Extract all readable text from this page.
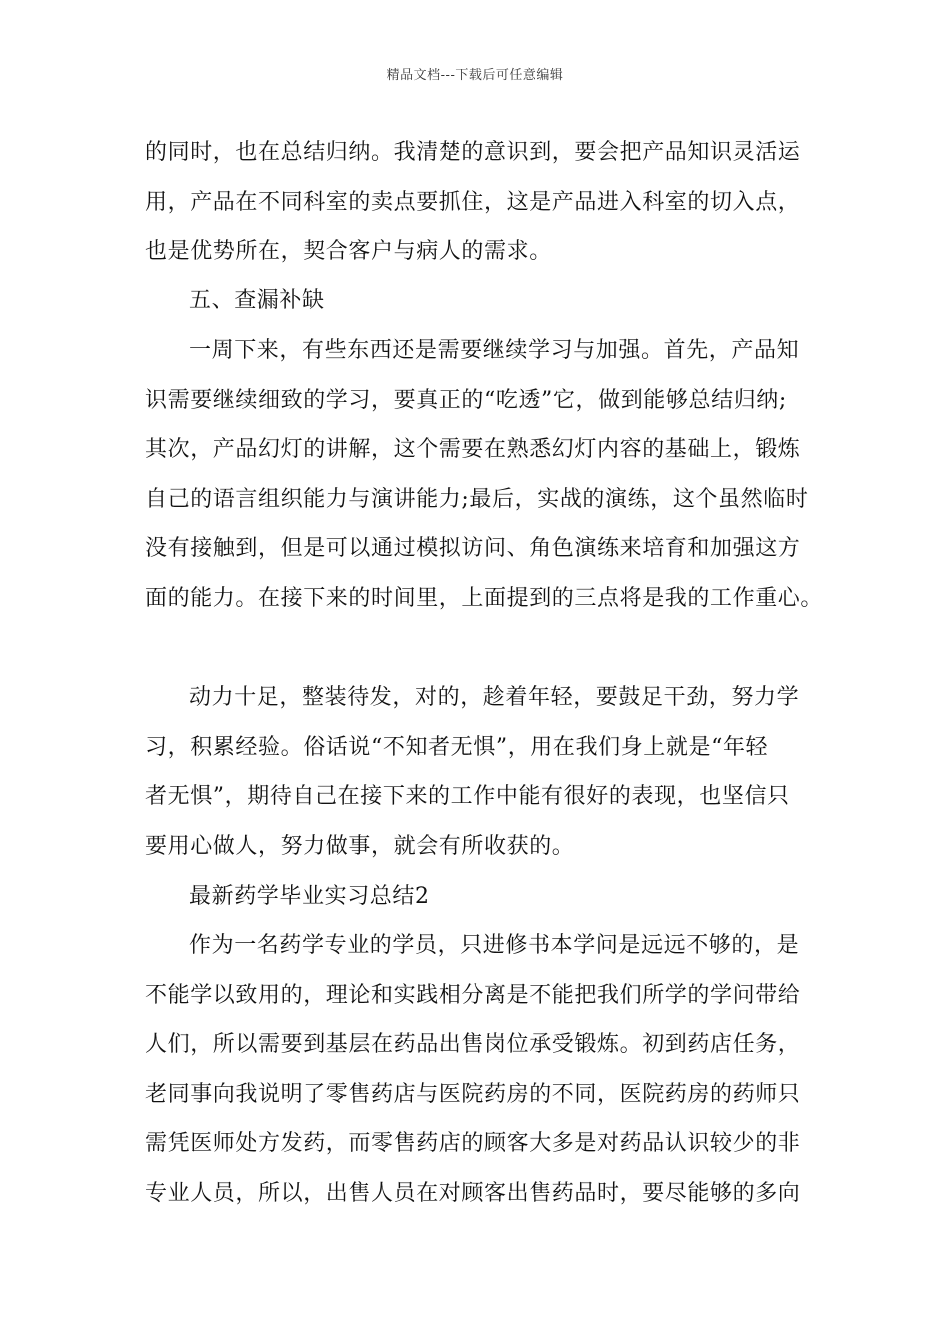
精品文档---下载后可任意编辑
的同时，也在总结归纳。我清楚的意识到，要会把产品知识灵活运
用，产品在不同科室的卖点要抓住，这是产品进入科室的切入点，
也是优势所在，契合客户与病人的需求。
五、查漏补缺
一周下来，有些东西还是需要继续学习与加强。首先，产品知
识需要继续细致的学习，要真正的“吃透”它，做到能够总结归纳;
其次，产品幻灯的讲解，这个需要在熟悉幻灯内容的基础上，锻炼
自己的语言组织能力与演讲能力;最后，实战的演练，这个虽然临时
没有接触到，但是可以通过模拟访问、角色演练来培育和加强这方
面的能力。在接下来的时间里，上面提到的三点将是我的工作重心。
动力十足，整装待发，对的，趁着年轻，要鼓足干劲，努力学
习，积累经验。俗话说“不知者无惧”，用在我们身上就是“年轻
者无惧”，期待自己在接下来的工作中能有很好的表现，也坚信只
要用心做人，努力做事，就会有所收获的。
最新药学毕业实习总结2
作为一名药学专业的学员，只进修书本学问是远远不够的，是
不能学以致用的，理论和实践相分离是不能把我们所学的学问带给
人们，所以需要到基层在药品出售岗位承受锻炼。初到药店任务，
老同事向我说明了零售药店与医院药房的不同，医院药房的药师只
需凭医师处方发药，而零售药店的顾客大多是对药品认识较少的非
专业人员，所以，出售人员在对顾客出售药品时，要尽能够的多向
